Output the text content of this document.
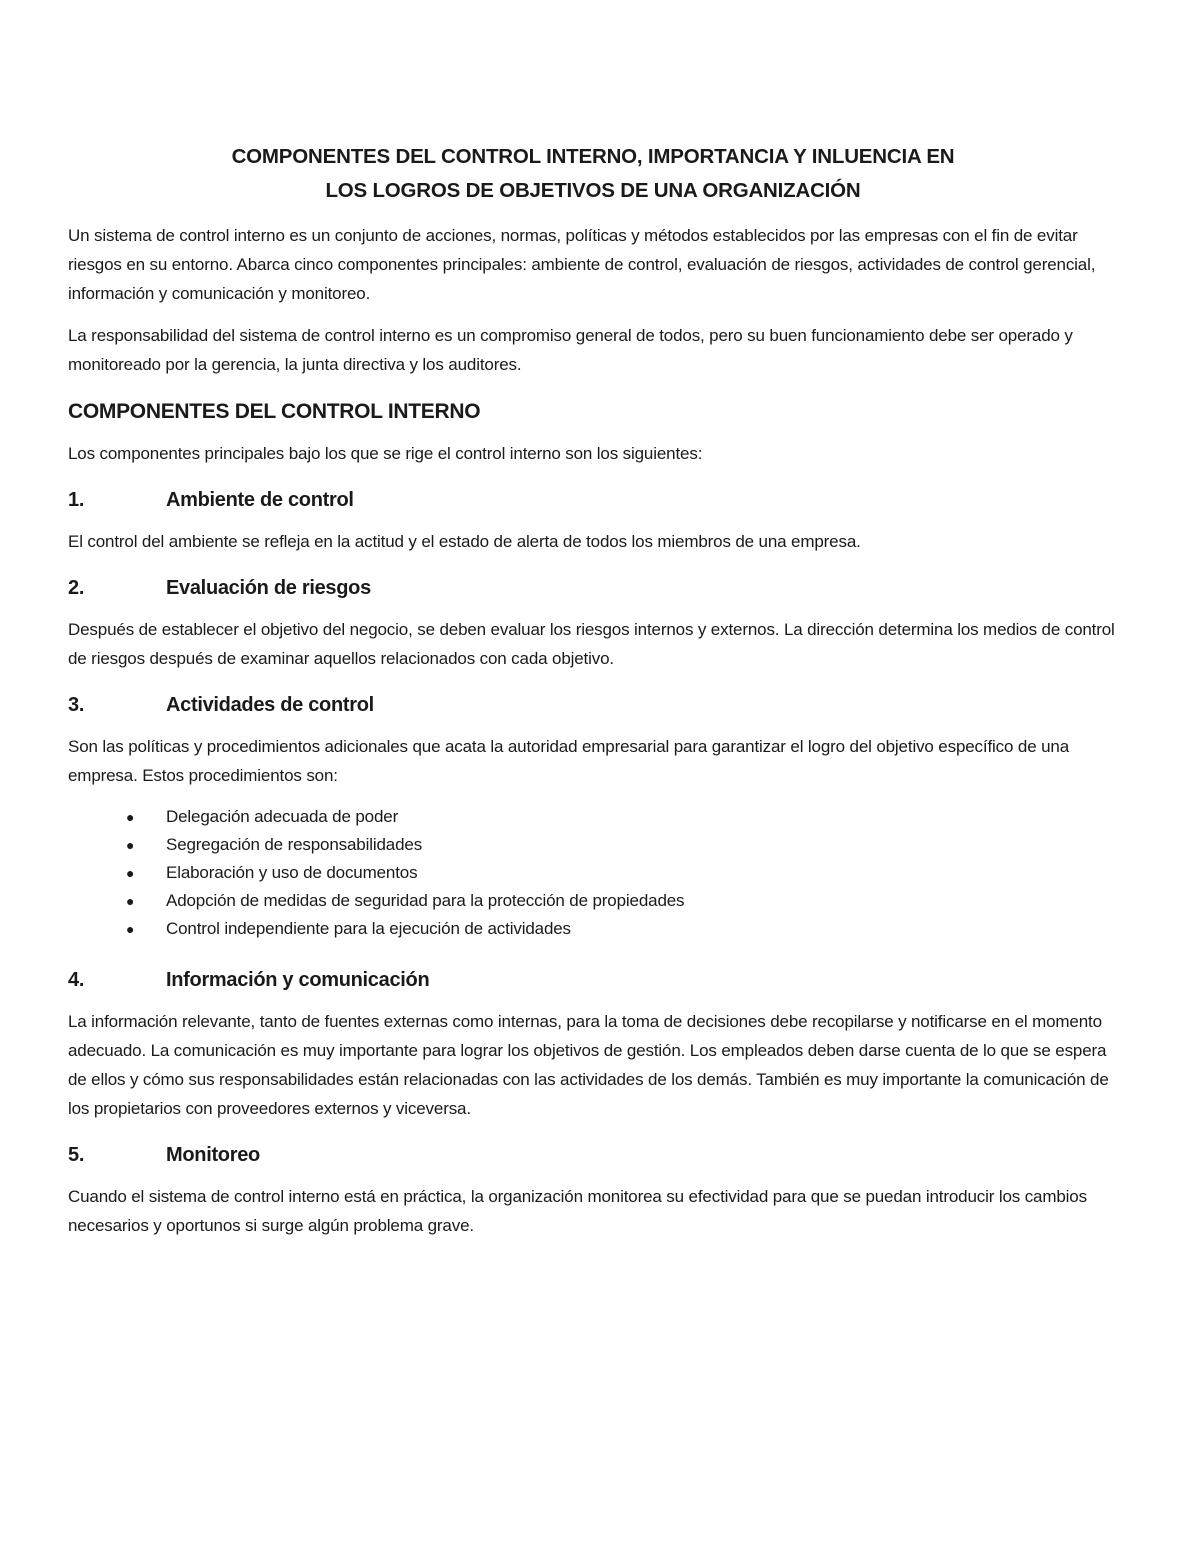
COMPONENTES DEL CONTROL INTERNO, IMPORTANCIA Y INLUENCIA EN
LOS LOGROS DE OBJETIVOS DE UNA ORGANIZACIÓN

Un sistema de control interno es un conjunto de acciones, normas, políticas y métodos establecidos por las empresas con el fin de evitar riesgos en su entorno. Abarca cinco componentes principales: ambiente de control, evaluación de riesgos, actividades de control gerencial, información y comunicación y monitoreo.

La responsabilidad del sistema de control interno es un compromiso general de todos, pero su buen funcionamiento debe ser operado y monitoreado por la gerencia, la junta directiva y los auditores.

COMPONENTES DEL CONTROL INTERNO

Los componentes principales bajo los que se rige el control interno son los siguientes:

1.	Ambiente de control

El control del ambiente se refleja en la actitud y el estado de alerta de todos los miembros de una empresa.

2.	Evaluación de riesgos

Después de establecer el objetivo del negocio, se deben evaluar los riesgos internos y externos. La dirección determina los medios de control de riesgos después de examinar aquellos relacionados con cada objetivo.

3.	Actividades de control

Son las políticas y procedimientos adicionales que acata la autoridad empresarial para garantizar el logro del objetivo específico de una empresa. Estos procedimientos son:

●	Delegación adecuada de poder
●	Segregación de responsabilidades
●	Elaboración y uso de documentos
●	Adopción de medidas de seguridad para la protección de propiedades
●	Control independiente para la ejecución de actividades
4.	Información y comunicación

La información relevante, tanto de fuentes externas como internas, para la toma de decisiones debe recopilarse y notificarse en el momento adecuado. La comunicación es muy importante para lograr los objetivos de gestión. Los empleados deben darse cuenta de lo que se espera de ellos y cómo sus responsabilidades están relacionadas con las actividades de los demás. También es muy importante la comunicación de los propietarios con proveedores externos y viceversa.

5.	Monitoreo

Cuando el sistema de control interno está en práctica, la organización monitorea su efectividad para que se puedan introducir los cambios necesarios y oportunos si surge algún problema grave.
